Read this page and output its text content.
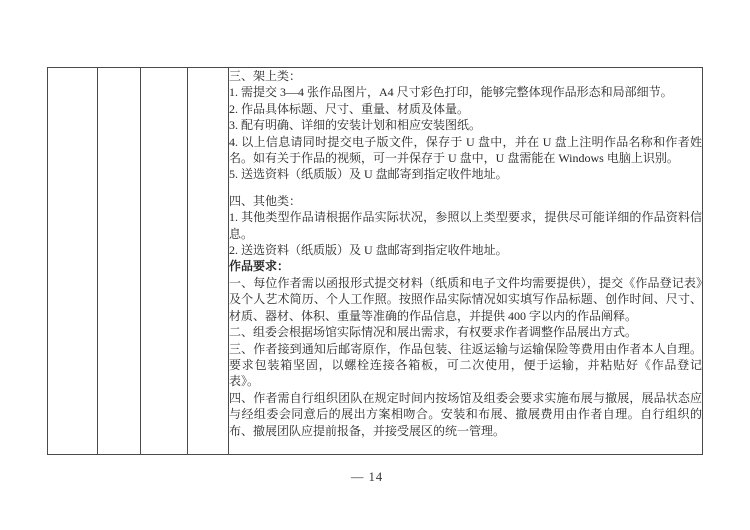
三、架上类：

1. 需提交 3—4 张作品图片，A4 尺寸彩色打印，能够完整体现作品形态和局部细节。

2. 作品具体标题、尺寸、重量、材质及体量。

3. 配有明确、详细的安装计划和相应安装图纸。

4. 以上信息请同时提交电子版文件，保存于 U 盘中，并在 U 盘上注明作品名称和作者姓名。如有关于作品的视频，可一并保存于 U 盘中，U 盘需能在 Windows 电脑上识别。

5. 送选资料（纸质版）及 U 盘邮寄到指定收件地址。

四、其他类：

1. 其他类型作品请根据作品实际状况，参照以上类型要求，提供尽可能详细的作品资料信息。

2. 送选资料（纸质版）及 U 盘邮寄到指定收件地址。

作品要求：

一、每位作者需以函报形式提交材料（纸质和电子文件均需要提供），提交《作品登记表》及个人艺术简历、个人工作照。按照作品实际情况如实填写作品标题、创作时间、尺寸、材质、器材、体积、重量等准确的作品信息，并提供 400 字以内的作品阐释。

二、组委会根据场馆实际情况和展出需求，有权要求作者调整作品展出方式。

三、作者接到通知后邮寄原作，作品包装、往返运输与运输保险等费用由作者本人自理。要求包装箱坚固，以螺栓连接各箱板，可二次使用，便于运输，并粘贴好《作品登记表》。

四、作者需自行组织团队在规定时间内按场馆及组委会要求实施布展与撤展，展品状态应与经组委会同意后的展出方案相吻合。安装和布展、撤展费用由作者自理。自行组织的布、撤展团队应提前报备，并接受展区的统一管理。

— 14
